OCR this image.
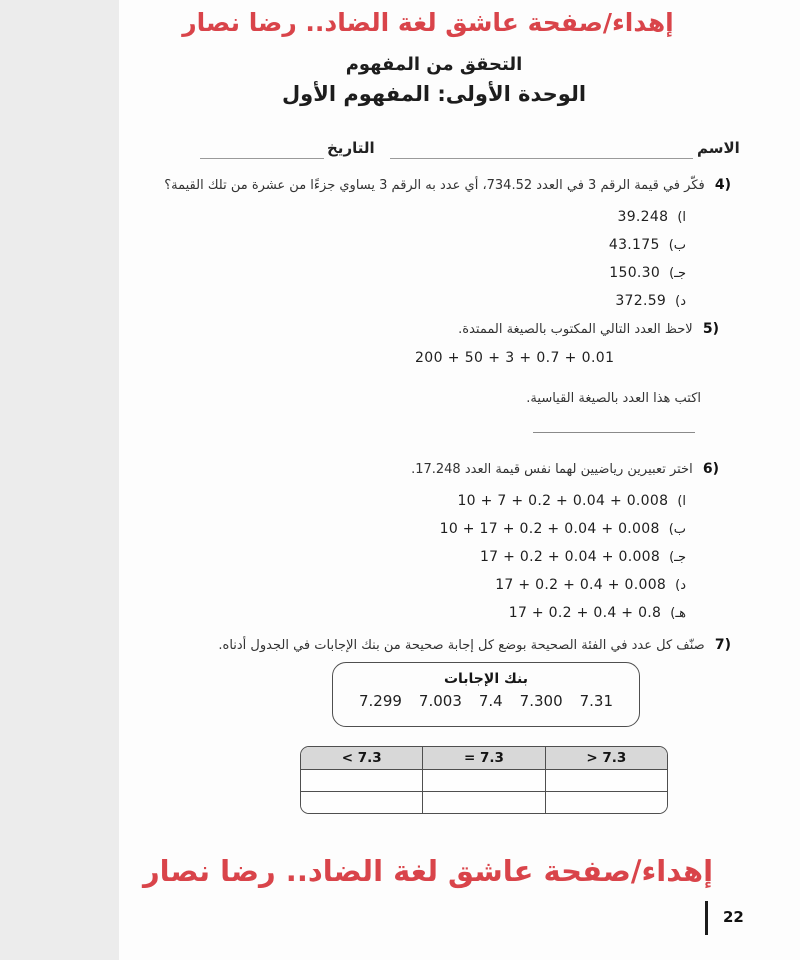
إهداء/صفحة عاشق لغة الضاد.. رضا نصار
التحقق من المفهوم
الوحدة الأولى: المفهوم الأول
الاسم
التاريخ
4) فكّر في قيمة الرقم 3 في العدد 734.52، أي عدد به الرقم 3 يساوي جزءًا من عشرة من تلك القيمة؟
ا)
39.248
ب)
43.175
جـ)
150.30
د)
372.59
5) لاحظ العدد التالي المكتوب بالصيغة الممتدة.
200 + 50 + 3 + 0.7 + 0.01
اكتب هذا العدد بالصيغة القياسية.
6) اختر تعبيرين رياضيين لهما نفس قيمة العدد 17.248.
ا)
10 + 7 + 0.2 + 0.04 + 0.008
ب)
10 + 17 + 0.2 + 0.04 + 0.008
جـ)
17 + 0.2 + 0.04 + 0.008
د)
17 + 0.2 + 0.4 + 0.008
هـ)
17 + 0.2 + 0.4 + 0.8
7) صنّف كل عدد في الفئة الصحيحة بوضع كل إجابة صحيحة من بنك الإجابات في الجدول أدناه.
بنك الإجابات
7.299 7.003 7.4 7.300 7.31
< 7.3	= 7.3	> 7.3
إهداء/صفحة عاشق لغة الضاد.. رضا نصار
22
